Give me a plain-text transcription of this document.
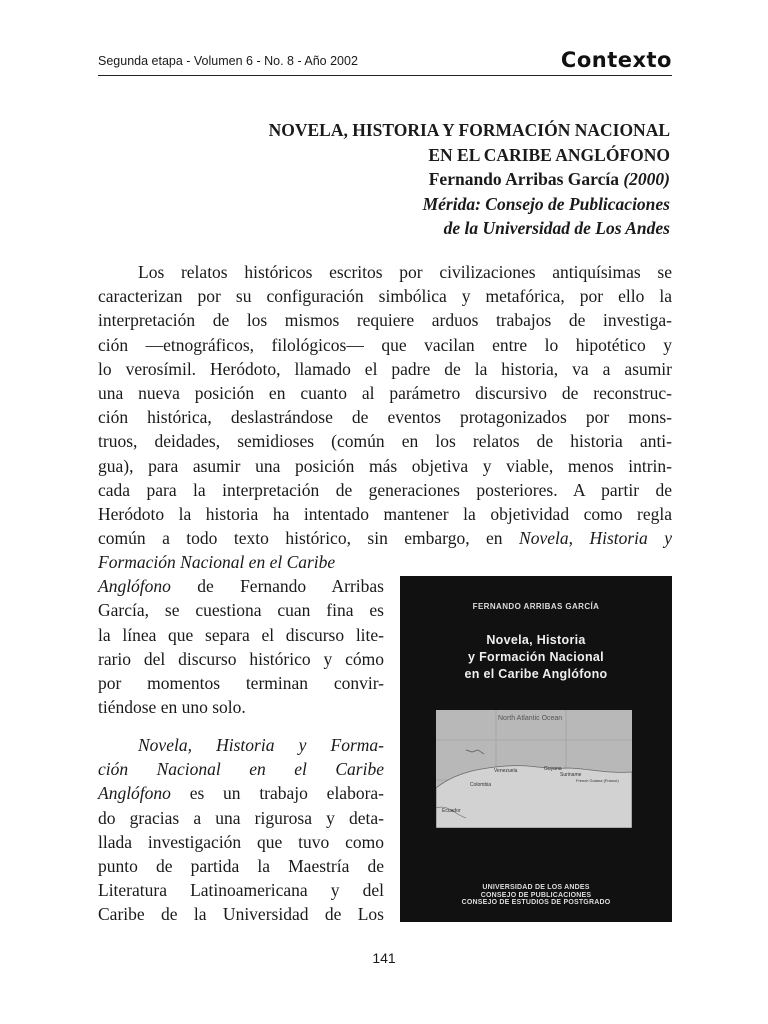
Segunda etapa - Volumen 6 - No. 8 - Año 2002	Contexto
NOVELA, HISTORIA Y FORMACIÓN NACIONAL
EN EL CARIBE ANGLÓFONO
Fernando Arribas García (2000)
Mérida: Consejo de Publicaciones
de la Universidad de Los Andes
Los relatos históricos escritos por civilizaciones antiquísimas se
caracterizan por su configuración simbólica y metafórica, por ello la
interpretación de los mismos requiere arduos trabajos de investiga-
ción —etnográficos, filológicos— que vacilan entre lo hipotético y
lo verosímil. Heródoto, llamado el padre de la historia, va a asumir
una nueva posición en cuanto al parámetro discursivo de reconstruc-
ción histórica, deslastrándose de eventos protagonizados por mons-
truos, deidades, semidioses (común en los relatos de historia anti-
gua), para asumir una posición más objetiva y viable, menos intrin-
cada para la interpretación de generaciones posteriores. A partir de
Heródoto la historia ha intentado mantener la objetividad como regla
común a todo texto histórico, sin embargo, en Novela, Historia y
Formación Nacional en el Caribe
Anglófono de Fernando Arribas
García, se cuestiona cuan fina es
la línea que separa el discurso lite-
rario del discurso histórico y cómo
por momentos terminan convir-
tiéndose en uno solo.
Novela, Historia y Forma-
ción Nacional en el Caribe
Anglófono es un trabajo elabora-
do gracias a una rigurosa y deta-
llada investigación que tuvo como
punto de partida la Maestría de
Literatura Latinoamericana y del
Caribe de la Universidad de Los
FERNANDO ARRIBAS GARCÍA
Novela, Historia
y Formación Nacional
en el Caribe Anglófono
North Atlantic Ocean
Venezuela	Guyana
Suriname
French Guiana (France)
Colombia
Ecuador
UNIVERSIDAD DE LOS ANDES
CONSEJO DE PUBLICACIONES
CONSEJO DE ESTUDIOS DE POSTGRADO
141
